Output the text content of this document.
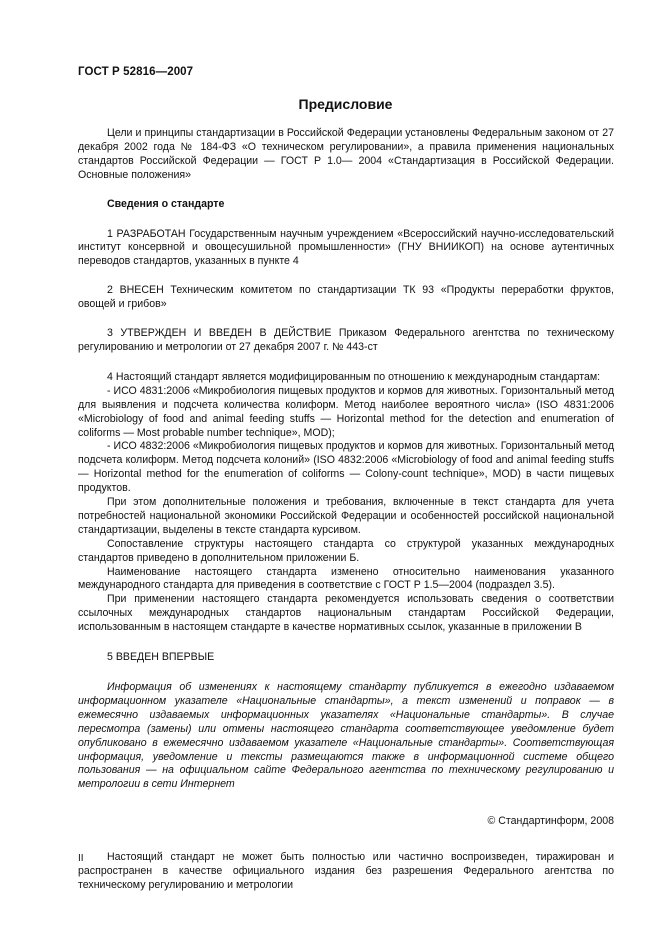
ГОСТ Р 52816—2007
Предисловие

Цели и принципы стандартизации в Российской Федерации установлены Федеральным законом от 27 декабря 2002 года № 184-ФЗ «О техническом регулировании», а правила применения национальных стандартов Российской Федерации — ГОСТ Р 1.0— 2004 «Стандартизация в Российской Федерации. Основные положения»

Сведения о стандарте

1 РАЗРАБОТАН Государственным научным учреждением «Всероссийский научно-исследовательский институт консервной и овощесушильной промышленности» (ГНУ ВНИИКОП) на основе аутентичных переводов стандартов, указанных в пункте 4

2 ВНЕСЕН Техническим комитетом по стандартизации ТК 93 «Продукты переработки фруктов, овощей и грибов»

3 УТВЕРЖДЕН И ВВЕДЕН В ДЕЙСТВИЕ Приказом Федерального агентства по техническому регулированию и метрологии от 27 декабря 2007 г. № 443-ст

4 Настоящий стандарт является модифицированным по отношению к международным стандартам:

- ИСО 4831:2006 «Микробиология пищевых продуктов и кормов для животных. Горизонтальный метод для выявления и подсчета количества колиформ. Метод наиболее вероятного числа» (ISO 4831:2006 «Microbiology of food and animal feeding stuffs — Horizontal method for the detection and enumeration of coliforms — Most probable number technique», MOD);

- ИСО 4832:2006 «Микробиология пищевых продуктов и кормов для животных. Горизонтальный метод подсчета колиформ. Метод подсчета колоний» (ISO 4832:2006 «Microbiology of food and animal feeding stuffs — Horizontal method for the enumeration of coliforms — Colony-count technique», MOD) в части пищевых продуктов.

При этом дополнительные положения и требования, включенные в текст стандарта для учета потребностей национальной экономики Российской Федерации и особенностей российской национальной стандартизации, выделены в тексте стандарта курсивом.

Сопоставление структуры настоящего стандарта со структурой указанных международных стандартов приведено в дополнительном приложении Б.

Наименование настоящего стандарта изменено относительно наименования указанного международного стандарта для приведения в соответствие с ГОСТ Р 1.5—2004 (подраздел 3.5).

При применении настоящего стандарта рекомендуется использовать сведения о соответствии ссылочных международных стандартов национальным стандартам Российской Федерации, использованным в настоящем стандарте в качестве нормативных ссылок, указанные в приложении В

5 ВВЕДЕН ВПЕРВЫЕ

Информация об изменениях к настоящему стандарту публикуется в ежегодно издаваемом информационном указателе «Национальные стандарты», а текст изменений и поправок — в ежемесячно издаваемых информационных указателях «Национальные стандарты». В случае пересмотра (замены) или отмены настоящего стандарта соответствующее уведомление будет опубликовано в ежемесячно издаваемом указателе «Национальные стандарты». Соответствующая информация, уведомление и тексты размещаются также в информационной системе общего пользования — на официальном сайте Федерального агентства по техническому регулированию и метрологии в сети Интернет

© Стандартинформ, 2008

Настоящий стандарт не может быть полностью или частично воспроизведен, тиражирован и распространен в качестве официального издания без разрешения Федерального агентства по техническому регулированию и метрологии

II
